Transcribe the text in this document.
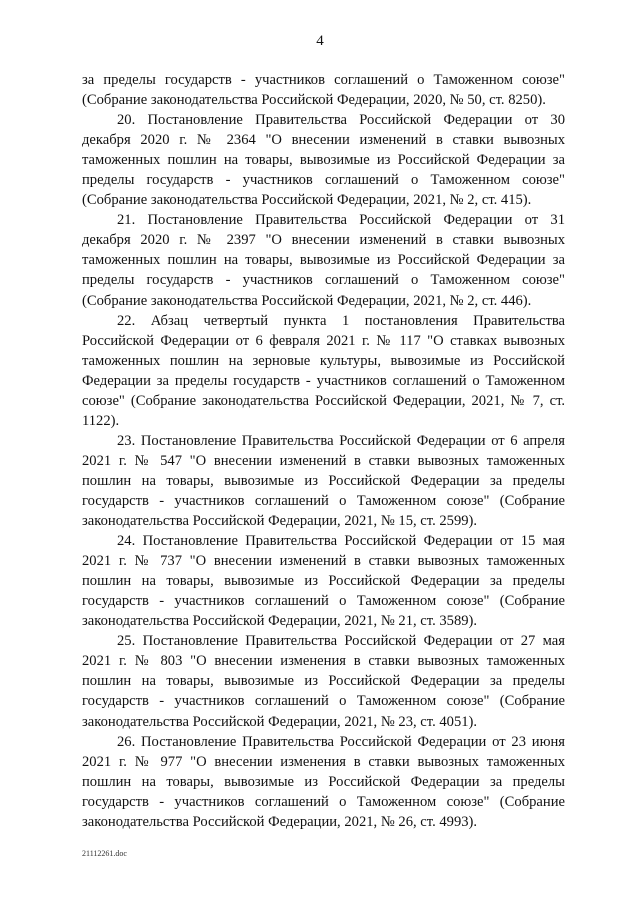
4

за пределы государств - участников соглашений о Таможенном союзе" (Собрание законодательства Российской Федерации, 2020, № 50, ст. 8250).

20. Постановление Правительства Российской Федерации от 30 декабря 2020 г. № 2364 "О внесении изменений в ставки вывозных таможенных пошлин на товары, вывозимые из Российской Федерации за пределы государств - участников соглашений о Таможенном союзе" (Собрание законодательства Российской Федерации, 2021, № 2, ст. 415).

21. Постановление Правительства Российской Федерации от 31 декабря 2020 г. № 2397 "О внесении изменений в ставки вывозных таможенных пошлин на товары, вывозимые из Российской Федерации за пределы государств - участников соглашений о Таможенном союзе" (Собрание законодательства Российской Федерации, 2021, № 2, ст. 446).

22. Абзац четвертый пункта 1 постановления Правительства Российской Федерации от 6 февраля 2021 г. № 117 "О ставках вывозных таможенных пошлин на зерновые культуры, вывозимые из Российской Федерации за пределы государств - участников соглашений о Таможенном союзе" (Собрание законодательства Российской Федерации, 2021, № 7, ст. 1122).

23. Постановление Правительства Российской Федерации от 6 апреля 2021 г. № 547 "О внесении изменений в ставки вывозных таможенных пошлин на товары, вывозимые из Российской Федерации за пределы государств - участников соглашений о Таможенном союзе" (Собрание законодательства Российской Федерации, 2021, № 15, ст. 2599).

24. Постановление Правительства Российской Федерации от 15 мая 2021 г. № 737 "О внесении изменений в ставки вывозных таможенных пошлин на товары, вывозимые из Российской Федерации за пределы государств - участников соглашений о Таможенном союзе" (Собрание законодательства Российской Федерации, 2021, № 21, ст. 3589).

25. Постановление Правительства Российской Федерации от 27 мая 2021 г. № 803 "О внесении изменения в ставки вывозных таможенных пошлин на товары, вывозимые из Российской Федерации за пределы государств - участников соглашений о Таможенном союзе" (Собрание законодательства Российской Федерации, 2021, № 23, ст. 4051).

26. Постановление Правительства Российской Федерации от 23 июня 2021 г. № 977 "О внесении изменения в ставки вывозных таможенных пошлин на товары, вывозимые из Российской Федерации за пределы государств - участников соглашений о Таможенном союзе" (Собрание законодательства Российской Федерации, 2021, № 26, ст. 4993).

21112261.doc
